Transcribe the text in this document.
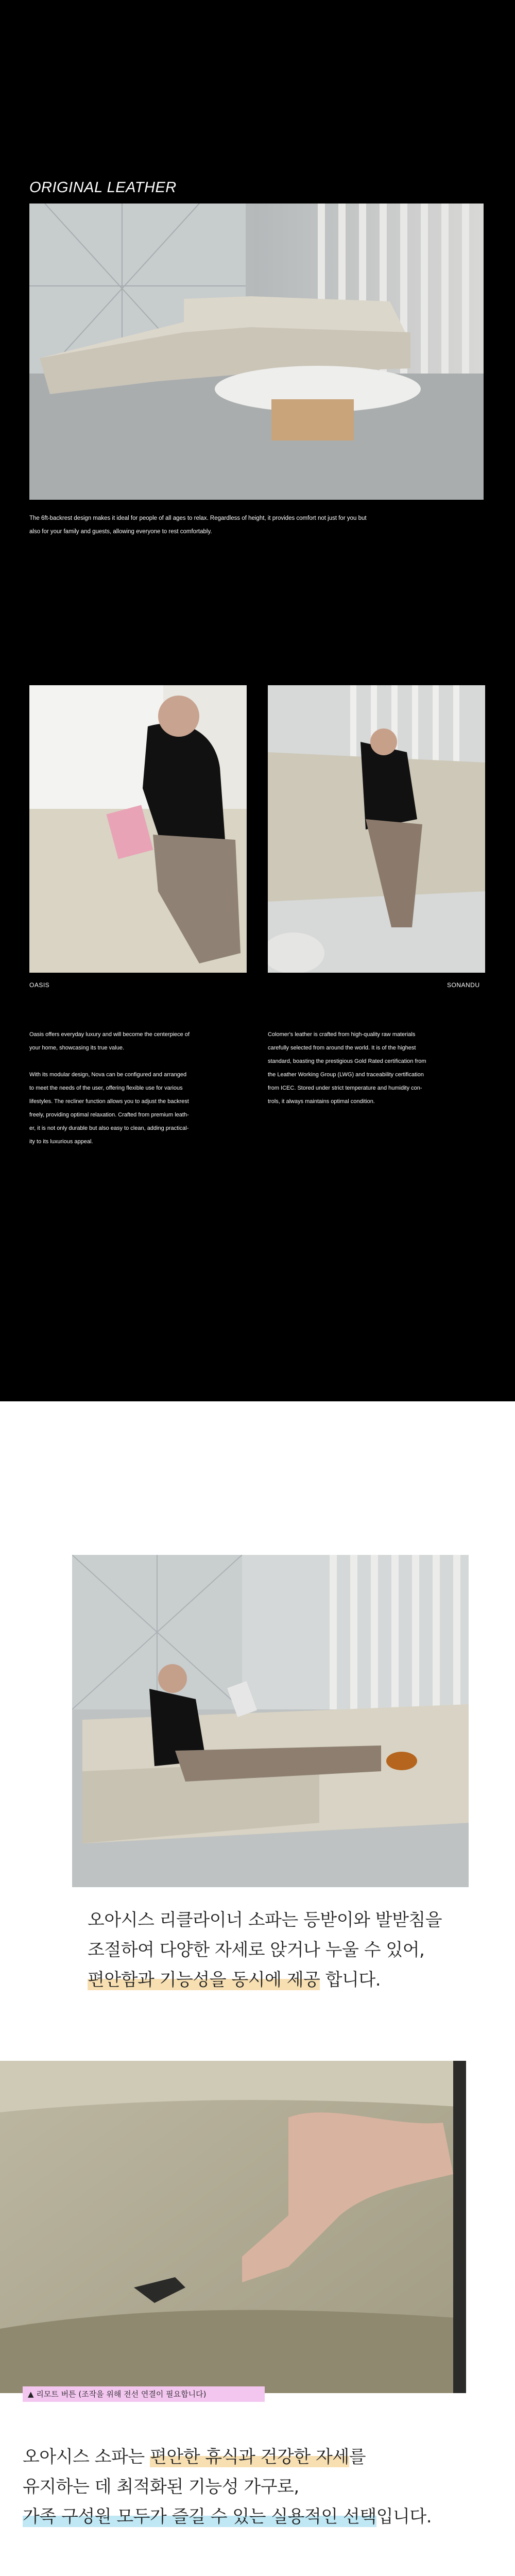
ORIGINAL LEATHER
The 6ft-backrest design makes it ideal for people of all ages to relax. Regardless of height, it provides comfort not just for you but
also for your family and guests, allowing everyone to rest comfortably.
OASIS	SONANDU
Oasis offers everyday luxury and will become the centerpiece of
your home, showcasing its true value.
With its modular design, Nova can be configured and arranged
to meet the needs of the user, offering flexible use for various
lifestyles. The recliner function allows you to adjust the backrest
freely, providing optimal relaxation. Crafted from premium leath-
er, it is not only durable but also easy to clean, adding practical-
ity to its luxurious appeal.
Colomer's leather is crafted from high-quality raw materials
carefully selected from around the world. It is of the highest
standard, boasting the prestigious Gold Rated certification from
the Leather Working Group (LWG) and traceability certification
from ICEC. Stored under strict temperature and humidity con-
trols, it always maintains optimal condition.
오아시스 리클라이너 소파는 등받이와 발받침을
조절하여 다양한 자세로 앉거나 누울 수 있어,
편안함과 기능성을 동시에 제공 합니다.
▲ 리모트 버튼 (조작을 위해 전선 연결이 필요합니다)
오아시스 소파는 편안한 휴식과 건강한 자세를
유지하는 데 최적화된 기능성 가구로,
가족 구성원 모두가 즐길 수 있는 실용적인 선택입니다.
